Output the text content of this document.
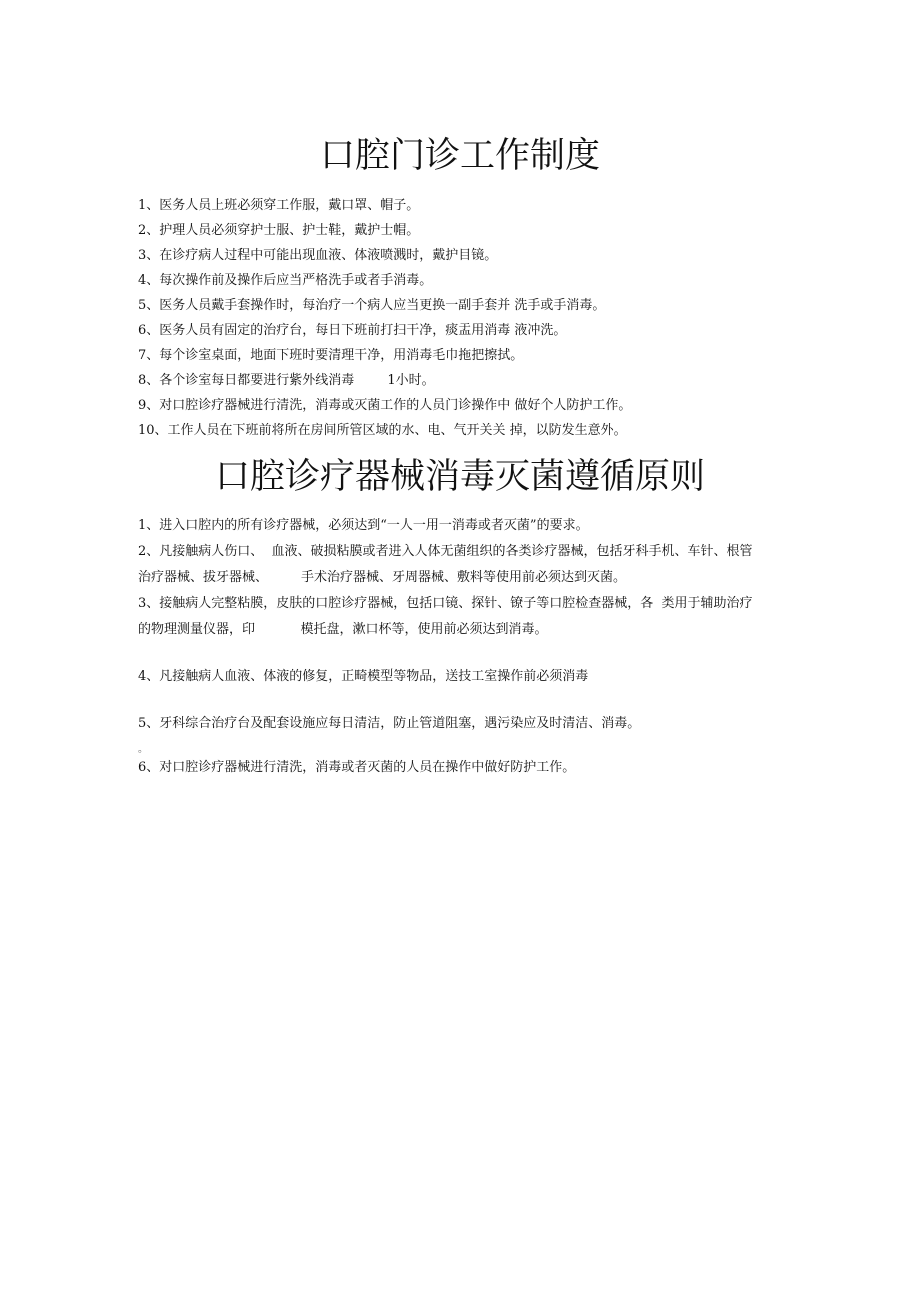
口腔门诊工作制度
1、医务人员上班必须穿工作服，戴口罩、帽子。
2、护理人员必须穿护士服、护士鞋，戴护士帽。
3、在诊疗病人过程中可能出现血液、体液喷溅时，戴护目镜。
4、每次操作前及操作后应当严格洗手或者手消毒。
5、医务人员戴手套操作时，每治疗一个病人应当更换一副手套并 洗手或手消毒。
6、医务人员有固定的治疗台，每日下班前打扫干净，痰盂用消毒 液冲洗。
7、每个诊室桌面，地面下班时要清理干净，用消毒毛巾拖把擦拭。
8、各个诊室每日都要进行紫外线消毒        1小时。
9、对口腔诊疗器械进行清洗，消毒或灭菌工作的人员门诊操作中 做好个人防护工作。
10、工作人员在下班前将所在房间所管区域的水、电、气开关关 掉，以防发生意外。
口腔诊疗器械消毒灭菌遵循原则
1、进入口腔内的所有诊疗器械，必须达到“一人一用一消毒或者灭菌”的要求。
2、凡接触病人伤口、  血液、破损粘膜或者进入人体无菌组织的各类诊疗器械，包括牙科手机、车针、根管治疗器械、拔牙器械、        手术治疗器械、牙周器械、敷料等使用前必须达到灭菌。
3、接触病人完整粘膜，皮肤的口腔诊疗器械，包括口镜、探针、镣子等口腔检查器械，各  类用于辅助治疗的物理测量仪器，印           模托盘，漱口杯等，使用前必须达到消毒。
4、凡接触病人血液、体液的修复，正畸模型等物品，送技工室操作前必须消毒
5、牙科综合治疗台及配套设施应每日清洁，防止管道阻塞，遇污染应及时清洁、消毒。
。
6、对口腔诊疗器械进行清洗，消毒或者灭菌的人员在操作中做好防护工作。
